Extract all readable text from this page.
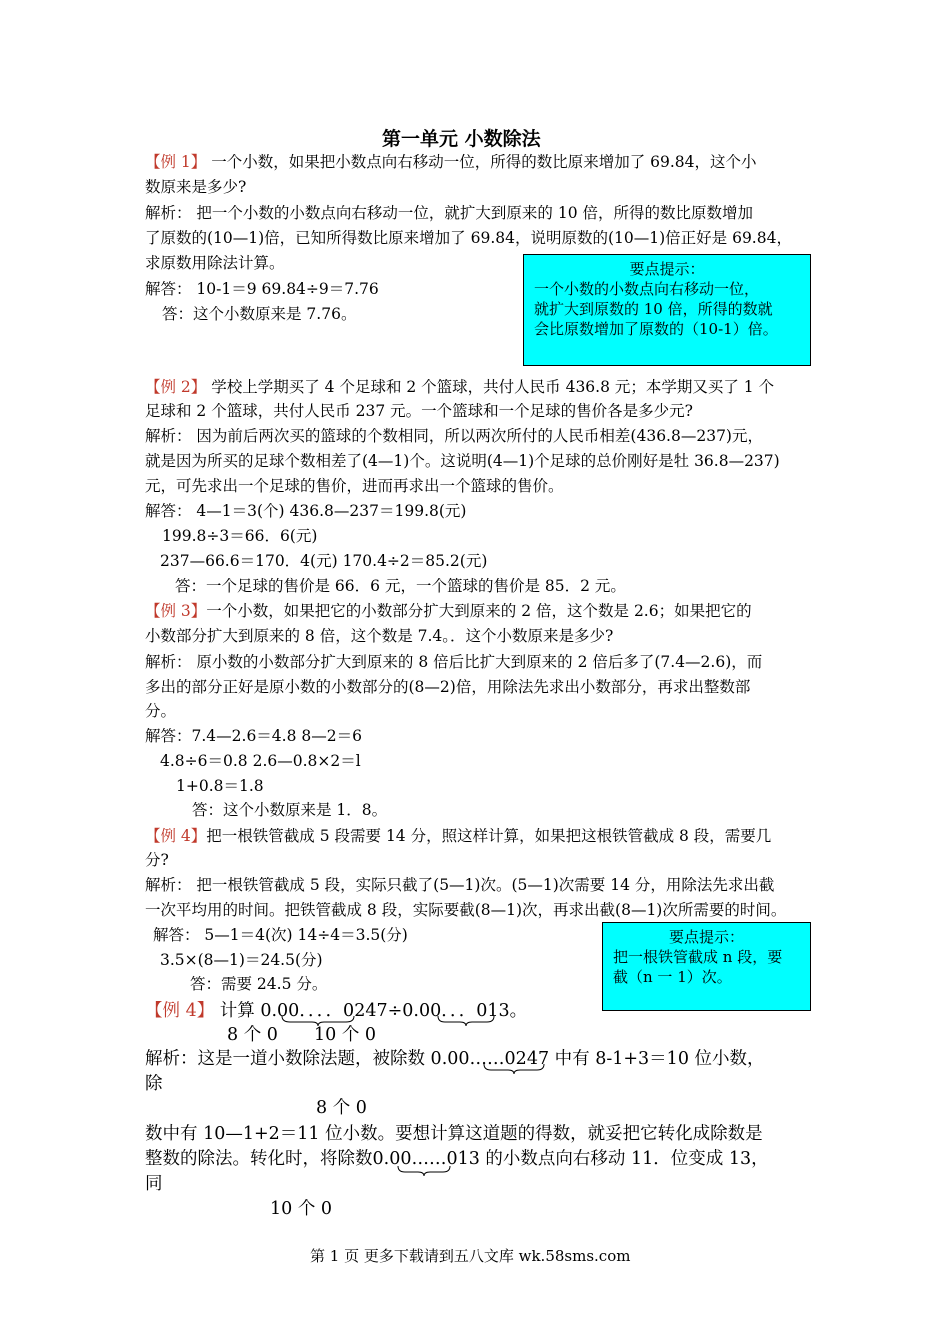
第一单元 小数除法
【例 1】 一个小数，如果把小数点向右移动一位，所得的数比原来增加了 69.84，这个小
数原来是多少?
解析： 把一个小数的小数点向右移动一位，就扩大到原来的 10 倍，所得的数比原数增加
了原数的(10—1)倍，已知所得数比原来增加了 69.84，说明原数的(10—1)倍正好是 69.84，
求原数用除法计算。
解答： 10-1＝9 69.84÷9＝7.76
答：这个小数原来是 7.76。
要点提示：
一个小数的小数点向右移动一位，
就扩大到原数的 10 倍，所得的数就
会比原数增加了原数的（10-1）倍。
【例 2】 学校上学期买了 4 个足球和 2 个篮球，共付人民币 436.8 元；本学期又买了 1 个
足球和 2 个篮球，共付人民币 237 元。一个篮球和一个足球的售价各是多少元?
解析： 因为前后两次买的篮球的个数相同，所以两次所付的人民币相差(436.8—237)元，
就是因为所买的足球个数相差了(4—1)个。这说明(4—1)个足球的总价刚好是牡 36.8—237)
元，可先求出一个足球的售价，进而再求出一个篮球的售价。
解答： 4—1＝3(个) 436.8—237＝199.8(元)
199.8÷3＝66．6(元)
237—66.6＝170．4(元) 170.4÷2＝85.2(元)
答：一个足球的售价是 66．6 元，一个篮球的售价是 85．2 元。
【例 3】一个小数，如果把它的小数部分扩大到原来的 2 倍，这个数是 2.6；如果把它的
小数部分扩大到原来的 8 倍，这个数是 7.4。．这个小数原来是多少?
解析： 原小数的小数部分扩大到原来的 8 倍后比扩大到原来的 2 倍后多了(7.4—2.6)，而
多出的部分正好是原小数的小数部分的(8—2)倍，用除法先求出小数部分，再求出整数部
分。
解答：7.4—2.6＝4.8 8—2＝6
4.8÷6＝0.8 2.6—0.8×2＝l
1+0.8＝1.8
答：这个小数原来是 1．8。
【例 4】把一根铁管截成 5 段需要 14 分，照这样计算，如果把这根铁管截成 8 段，需要几
分?
解析： 把一根铁管截成 5 段，实际只截了(5—1)次。(5—1)次需要 14 分，用除法先求出截
一次平均用的时间。把铁管截成 8 段，实际要截(8—1)次，再求出截(8—1)次所需要的时间。
解答： 5—1＝4(次) 14÷4＝3.5(分)
3.5×(8—1)＝24.5(分)
答：需要 24.5 分。
要点提示：
把一根铁管截成 n 段，要
截（n 一 1）次。
【例 4】 计算 0.00．．．．0247÷0.00．．．013。
8 个 0 10 个 0
解析：这是一道小数除法题，被除数 0.00……0247 中有 8-1+3＝10 位小数，
除
8 个 0
数中有 10—1+2＝11 位小数。要想计算这道题的得数，就妥把它转化成除数是
整数的除法。转化时，将除数0.00……013 的小数点向右移动 11．位变成 13，
同
10 个 0
第 1 页 更多下载请到五八文库 wk.58sms.com
